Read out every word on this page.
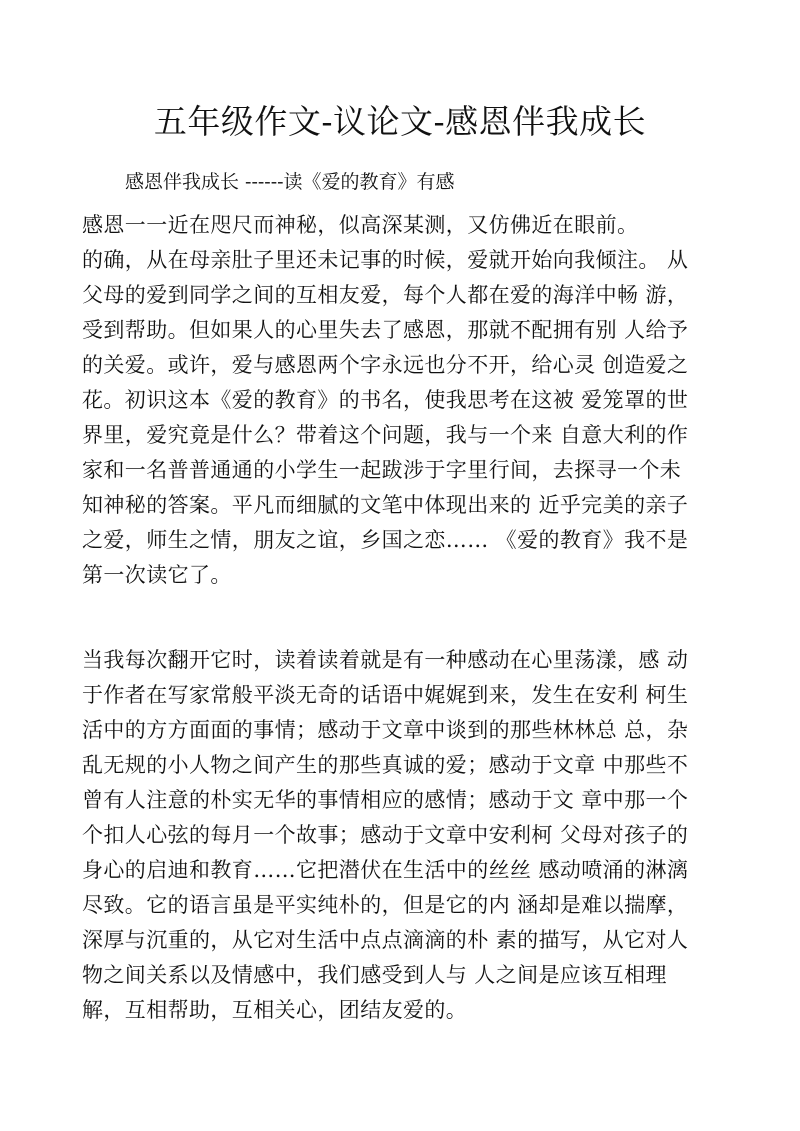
五年级作文-议论文-感恩伴我成长
感恩伴我成长 ------读《爱的教育》有感
感恩一一近在咫尺而神秘，似高深某测，又仿佛近在眼前。
的确，从在母亲肚子里还未记事的时候，爱就开始向我倾注。 从
父母的爱到同学之间的互相友爱，每个人都在爱的海洋中畅 游，
受到帮助。但如果人的心里失去了感恩，那就不配拥有别 人给予
的关爱。或许，爱与感恩两个字永远也分不开，给心灵 创造爱之
花。初识这本《爱的教育》的书名，使我思考在这被 爱笼罩的世
界里，爱究竟是什么？带着这个问题，我与一个来 自意大利的作
家和一名普普通通的小学生一起跋涉于字里行间，去探寻一个未
知神秘的答案。平凡而细腻的文笔中体现出来的 近乎完美的亲子
之爱，师生之情，朋友之谊，乡国之恋…… 《爱的教育》我不是
第一次读它了。
当我每次翻开它时，读着读着就是有一种感动在心里荡漾，感 动
于作者在写家常般平淡无奇的话语中娓娓到来，发生在安利 柯生
活中的方方面面的事情；感动于文章中谈到的那些林林总 总，杂
乱无规的小人物之间产生的那些真诚的爱；感动于文章 中那些不
曾有人注意的朴实无华的事情相应的感情；感动于文 章中那一个
个扣人心弦的每月一个故事；感动于文章中安利柯 父母对孩子的
身心的启迪和教育……它把潜伏在生活中的丝丝 感动喷涌的淋漓
尽致。它的语言虽是平实纯朴的，但是它的内 涵却是难以揣摩，
深厚与沉重的，从它对生活中点点滴滴的朴 素的描写，从它对人
物之间关系以及情感中，我们感受到人与 人之间是应该互相理
解，互相帮助，互相关心，团结友爱的。
